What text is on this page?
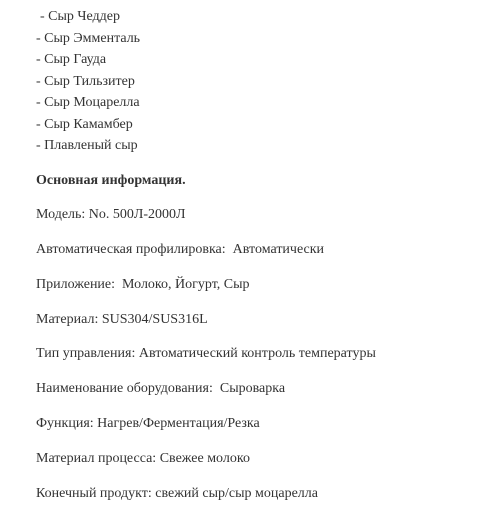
- Сыр Чеддер
- Сыр Эмменталь
- Сыр Гауда
- Сыр Тильзитер
- Сыр Моцарелла
- Сыр Камамбер
- Плавленый сыр
Основная информация.
Модель: No. 500Л-2000Л
Автоматическая профилировка:  Автоматически
Приложение:  Молоко, Йогурт, Сыр
Материал: SUS304/SUS316L
Тип управления: Автоматический контроль температуры
Наименование оборудования:  Сыроварка
Функция: Нагрев/Ферментация/Резка
Материал процесса: Свежее молоко
Конечный продукт: свежий сыр/сыр моцарелла
